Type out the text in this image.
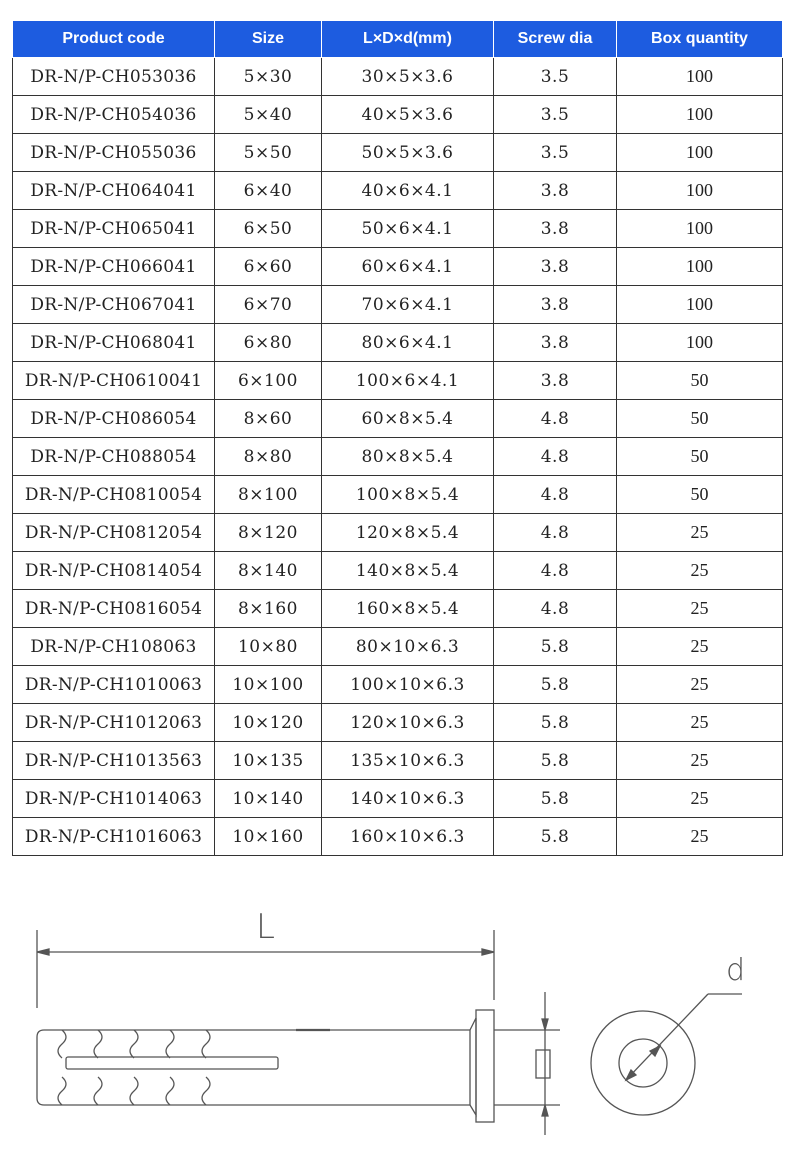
Product code	Size	L×D×d(mm)	Screw dia	Box quantity
DR-N/P-CH053036	5×30	30×5×3.6	3.5	100
DR-N/P-CH054036	5×40	40×5×3.6	3.5	100
DR-N/P-CH055036	5×50	50×5×3.6	3.5	100
DR-N/P-CH064041	6×40	40×6×4.1	3.8	100
DR-N/P-CH065041	6×50	50×6×4.1	3.8	100
DR-N/P-CH066041	6×60	60×6×4.1	3.8	100
DR-N/P-CH067041	6×70	70×6×4.1	3.8	100
DR-N/P-CH068041	6×80	80×6×4.1	3.8	100
DR-N/P-CH0610041	6×100	100×6×4.1	3.8	50
DR-N/P-CH086054	8×60	60×8×5.4	4.8	50
DR-N/P-CH088054	8×80	80×8×5.4	4.8	50
DR-N/P-CH0810054	8×100	100×8×5.4	4.8	50
DR-N/P-CH0812054	8×120	120×8×5.4	4.8	25
DR-N/P-CH0814054	8×140	140×8×5.4	4.8	25
DR-N/P-CH0816054	8×160	160×8×5.4	4.8	25
DR-N/P-CH108063	10×80	80×10×6.3	5.8	25
DR-N/P-CH1010063	10×100	100×10×6.3	5.8	25
DR-N/P-CH1012063	10×120	120×10×6.3	5.8	25
DR-N/P-CH1013563	10×135	135×10×6.3	5.8	25
DR-N/P-CH1014063	10×140	140×10×6.3	5.8	25
DR-N/P-CH1016063	10×160	160×10×6.3	5.8	25
L
d
